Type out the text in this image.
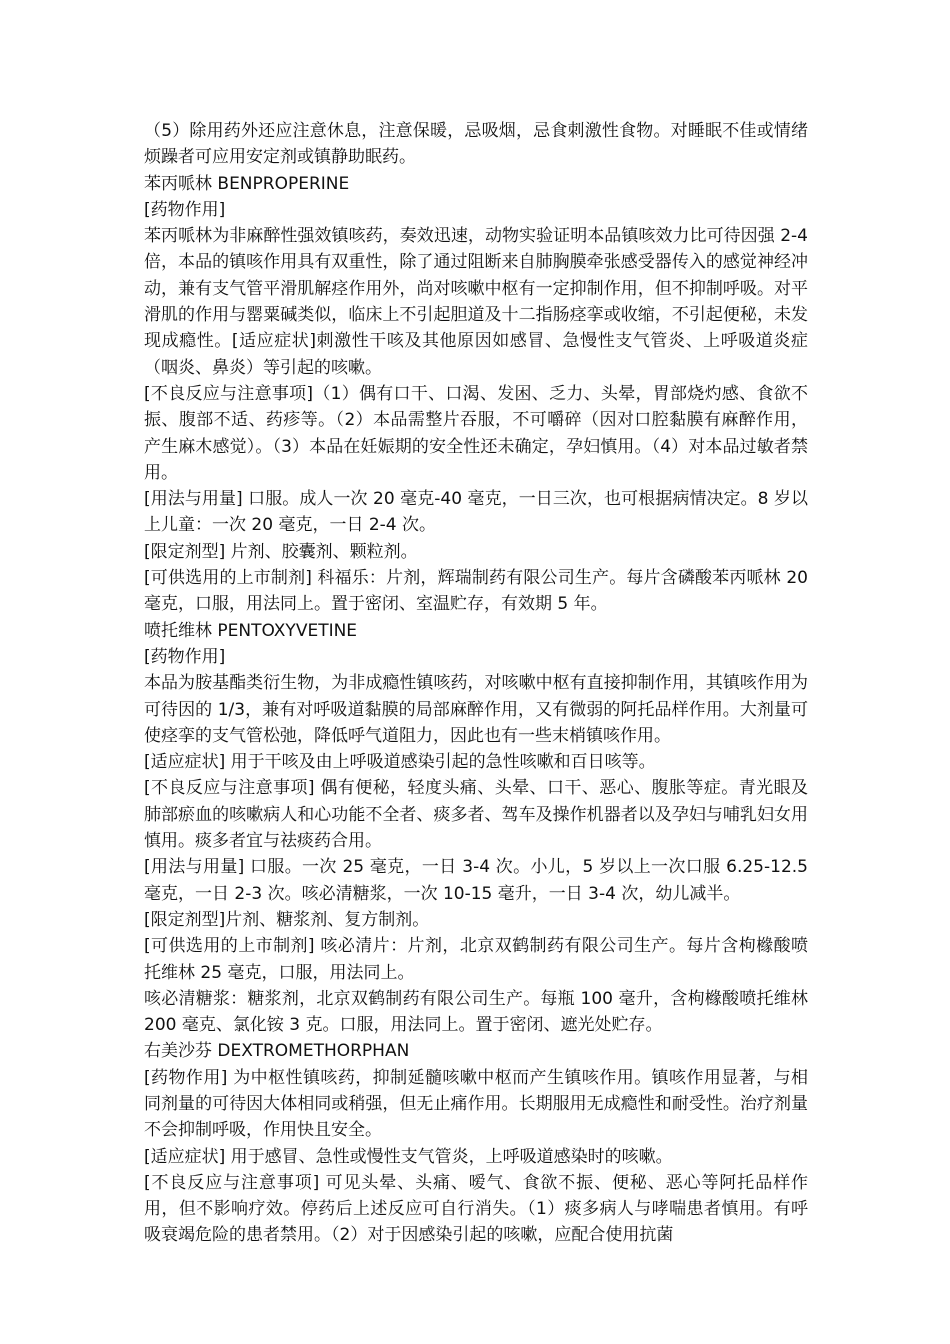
（5）除用药外还应注意休息，注意保暖，忌吸烟，忌食刺激性食物。对睡眠不佳或情绪烦躁者可应用安定剂或镇静助眠药。

苯丙哌林 BENPROPERINE

[药物作用]

苯丙哌林为非麻醉性强效镇咳药，奏效迅速，动物实验证明本品镇咳效力比可待因强 2-4 倍，本品的镇咳作用具有双重性，除了通过阻断来自肺胸膜牵张感受器传入的感觉神经冲动，兼有支气管平滑肌解痉作用外，尚对咳嗽中枢有一定抑制作用，但不抑制呼吸。对平滑肌的作用与罂粟碱类似，临床上不引起胆道及十二指肠痉挛或收缩，不引起便秘，未发现成瘾性。[适应症状]刺激性干咳及其他原因如感冒、急慢性支气管炎、上呼吸道炎症（咽炎、鼻炎）等引起的咳嗽。

[不良反应与注意事项]（1）偶有口干、口渴、发困、乏力、头晕，胃部烧灼感、食欲不振、腹部不适、药疹等。（2）本品需整片吞服，不可嚼碎（因对口腔黏膜有麻醉作用，产生麻木感觉）。（3）本品在妊娠期的安全性还未确定，孕妇慎用。（4）对本品过敏者禁用。

[用法与用量] 口服。成人一次 20 毫克-40 毫克，一日三次，也可根据病情决定。8 岁以上儿童：一次 20 毫克，一日 2-4 次。

[限定剂型] 片剂、胶囊剂、颗粒剂。

[可供选用的上市制剂] 科福乐：片剂，辉瑞制药有限公司生产。每片含磷酸苯丙哌林 20 毫克，口服，用法同上。置于密闭、室温贮存，有效期 5 年。

喷托维林 PENTOXYVETINE

[药物作用]

本品为胺基酯类衍生物，为非成瘾性镇咳药，对咳嗽中枢有直接抑制作用，其镇咳作用为可待因的 1/3，兼有对呼吸道黏膜的局部麻醉作用，又有微弱的阿托品样作用。大剂量可使痉挛的支气管松弛，降低呼气道阻力，因此也有一些末梢镇咳作用。

[适应症状] 用于干咳及由上呼吸道感染引起的急性咳嗽和百日咳等。

[不良反应与注意事项] 偶有便秘，轻度头痛、头晕、口干、恶心、腹胀等症。青光眼及肺部瘀血的咳嗽病人和心功能不全者、痰多者、驾车及操作机器者以及孕妇与哺乳妇女用慎用。痰多者宜与祛痰药合用。

[用法与用量] 口服。一次 25 毫克，一日 3-4 次。小儿，5 岁以上一次口服 6.25-12.5 毫克，一日 2-3 次。咳必清糖浆，一次 10-15 毫升，一日 3-4 次，幼儿减半。

[限定剂型]片剂、糖浆剂、复方制剂。

[可供选用的上市制剂] 咳必清片：片剂，北京双鹤制药有限公司生产。每片含枸橼酸喷托维林 25 毫克，口服，用法同上。

咳必清糖浆：糖浆剂，北京双鹤制药有限公司生产。每瓶 100 毫升，含枸橼酸喷托维林 200 毫克、氯化铵 3 克。口服，用法同上。置于密闭、遮光处贮存。

右美沙芬 DEXTROMETHORPHAN

[药物作用] 为中枢性镇咳药，抑制延髓咳嗽中枢而产生镇咳作用。镇咳作用显著，与相同剂量的可待因大体相同或稍强，但无止痛作用。长期服用无成瘾性和耐受性。治疗剂量不会抑制呼吸，作用快且安全。

[适应症状] 用于感冒、急性或慢性支气管炎，上呼吸道感染时的咳嗽。

[不良反应与注意事项] 可见头晕、头痛、嗳气、食欲不振、便秘、恶心等阿托品样作用，但不影响疗效。停药后上述反应可自行消失。（1）痰多病人与哮喘患者慎用。有呼吸衰竭危险的患者禁用。（2）对于因感染引起的咳嗽，应配合使用抗菌
